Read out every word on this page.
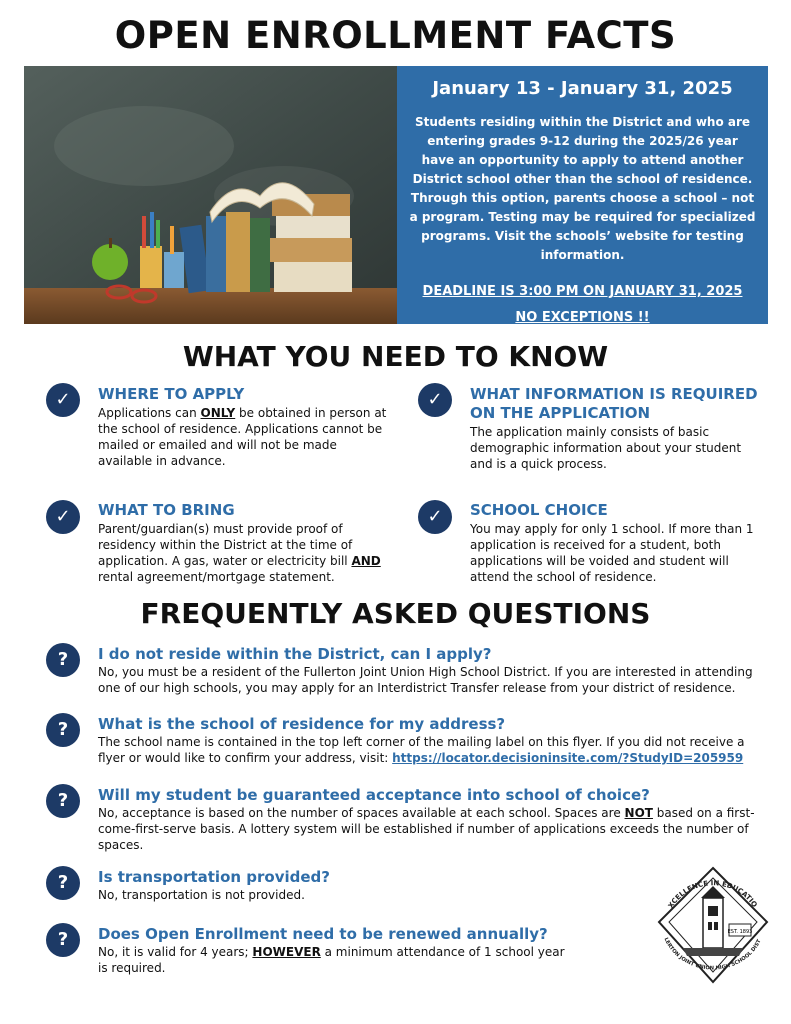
OPEN ENROLLMENT FACTS
January 13 - January 31, 2025
Students residing within the District and who are entering grades 9-12 during the 2025/26 year have an opportunity to apply to attend another District school other than the school of residence. Through this option, parents choose a school – not a program. Testing may be required for specialized programs. Visit the schools’ website for testing information.
DEADLINE IS 3:00 PM ON JANUARY 31, 2025
NO EXCEPTIONS !!
WHAT YOU NEED TO KNOW
✓	WHERE TO APPLY
Applications can ONLY be obtained in person at the school of residence. Applications cannot be mailed or emailed and will not be made available in advance.
✓	WHAT INFORMATION IS REQUIRED ON THE APPLICATION
The application mainly consists of basic demographic information about your student and is a quick process.
✓	WHAT TO BRING
Parent/guardian(s) must provide proof of residency within the District at the time of application. A gas, water or electricity bill AND rental agreement/mortgage statement.
✓	SCHOOL CHOICE
You may apply for only 1 school. If more than 1 application is received for a student, both applications will be voided and student will attend the school of residence.
FREQUENTLY ASKED QUESTIONS
?	I do not reside within the District, can I apply?
No, you must be a resident of the Fullerton Joint Union High School District. If you are interested in attending one of our high schools, you may apply for an Interdistrict Transfer release from your district of residence.
?	What is the school of residence for my address?
The school name is contained in the top left corner of the mailing label on this flyer. If you did not receive a flyer or would like to confirm your address, visit: https://locator.decisioninsite.com/?StudyID=205959
?	Will my student be guaranteed acceptance into school of choice?
No, acceptance is based on the number of spaces available at each school. Spaces are NOT based on a first-come-first-serve basis. A lottery system will be established if number of applications exceeds the number of spaces.
?	Is transportation provided?
No, transportation is not provided.
?	Does Open Enrollment need to be renewed annually?
No, it is valid for 4 years; HOWEVER a minimum attendance of 1 school year is required.
EST. 1893
XCELLENCE IN EDUCATIO
LERTON JOINT UNION HIGH SCHOOL DIST
